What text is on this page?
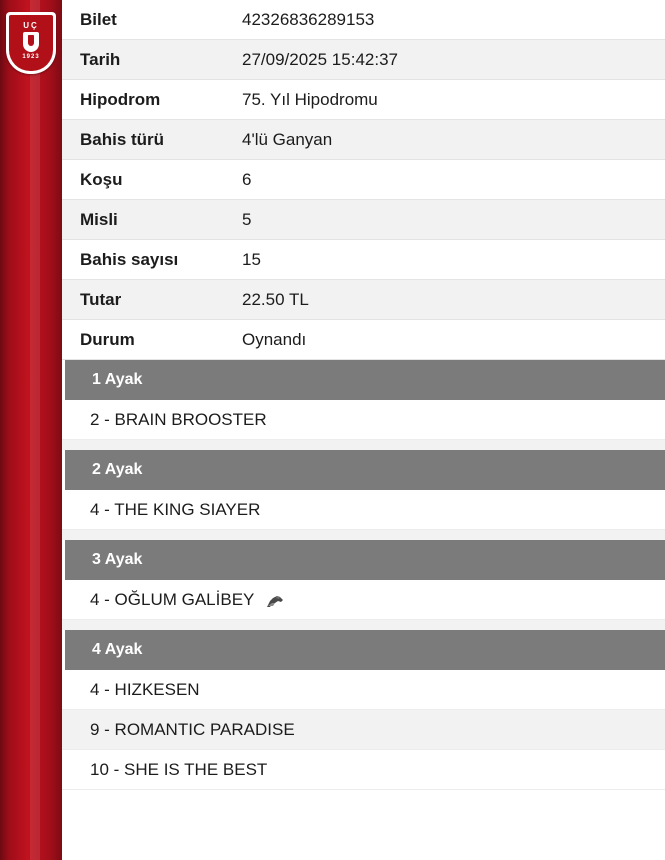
UÇ
1923
Bilet	42326836289153
Tarih	27/09/2025 15:42:37
Hipodrom	75. Yıl Hipodromu
Bahis türü	4'lü Ganyan
Koşu	6
Misli	5
Bahis sayısı	15
Tutar	22.50 TL
Durum	Oynandı
1 Ayak
2 - BRAIN BROOSTER
2 Ayak
4 - THE KING SIAYER
3 Ayak
4 - OĞLUM GALİBEY
4 Ayak
4 - HIZKESEN
9 - ROMANTIC PARADISE
10 - SHE IS THE BEST
